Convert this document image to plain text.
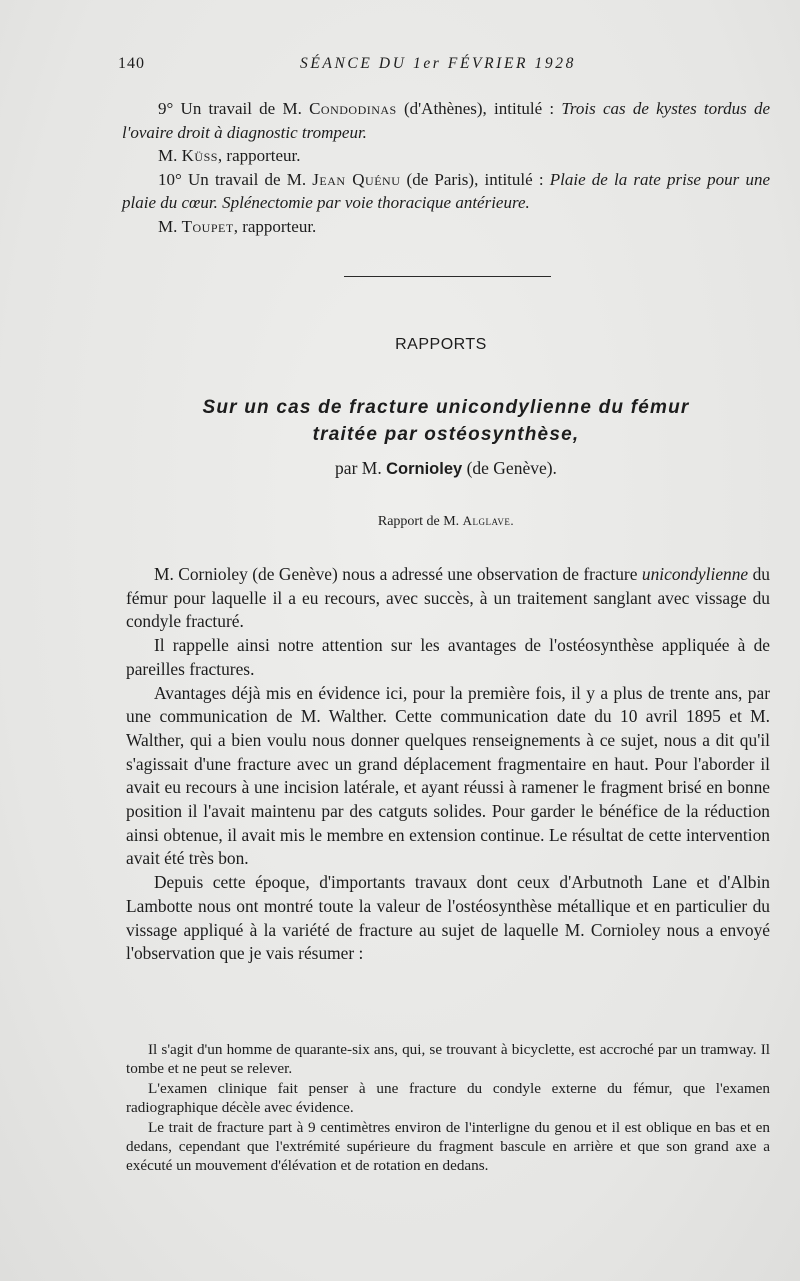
140	SÉANCE DU 1er FÉVRIER 1928

9° Un travail de M. Condodinas (d'Athènes), intitulé : Trois cas de kystes tordus de l'ovaire droit à diagnostic trompeur.

M. Küss, rapporteur.

10° Un travail de M. Jean Quénu (de Paris), intitulé : Plaie de la rate prise pour une plaie du cœur. Splénectomie par voie thoracique antérieure.

M. Toupet, rapporteur.

RAPPORTS
Sur un cas de fracture unicondylienne du fémur
traitée par ostéosynthèse,
par M. Cornioley (de Genève).
Rapport de M. Alglave.

M. Cornioley (de Genève) nous a adressé une observation de fracture unicondylienne du fémur pour laquelle il a eu recours, avec succès, à un traitement sanglant avec vissage du condyle fracturé.

Il rappelle ainsi notre attention sur les avantages de l'ostéosynthèse appliquée à de pareilles fractures.

Avantages déjà mis en évidence ici, pour la première fois, il y a plus de trente ans, par une communication de M. Walther. Cette communication date du 10 avril 1895 et M. Walther, qui a bien voulu nous donner quelques renseignements à ce sujet, nous a dit qu'il s'agissait d'une fracture avec un grand déplacement fragmentaire en haut. Pour l'aborder il avait eu recours à une incision latérale, et ayant réussi à ramener le fragment brisé en bonne position il l'avait maintenu par des catguts solides. Pour garder le bénéfice de la réduction ainsi obtenue, il avait mis le membre en extension continue. Le résultat de cette intervention avait été très bon.

Depuis cette époque, d'importants travaux dont ceux d'Arbutnoth Lane et d'Albin Lambotte nous ont montré toute la valeur de l'ostéosynthèse métallique et en particulier du vissage appliqué à la variété de fracture au sujet de laquelle M. Cornioley nous a envoyé l'observation que je vais résumer :

Il s'agit d'un homme de quarante-six ans, qui, se trouvant à bicyclette, est accroché par un tramway. Il tombe et ne peut se relever.

L'examen clinique fait penser à une fracture du condyle externe du fémur, que l'examen radiographique décèle avec évidence.

Le trait de fracture part à 9 centimètres environ de l'interligne du genou et il est oblique en bas et en dedans, cependant que l'extrémité supérieure du fragment bascule en arrière et que son grand axe a exécuté un mouvement d'élévation et de rotation en dedans.
